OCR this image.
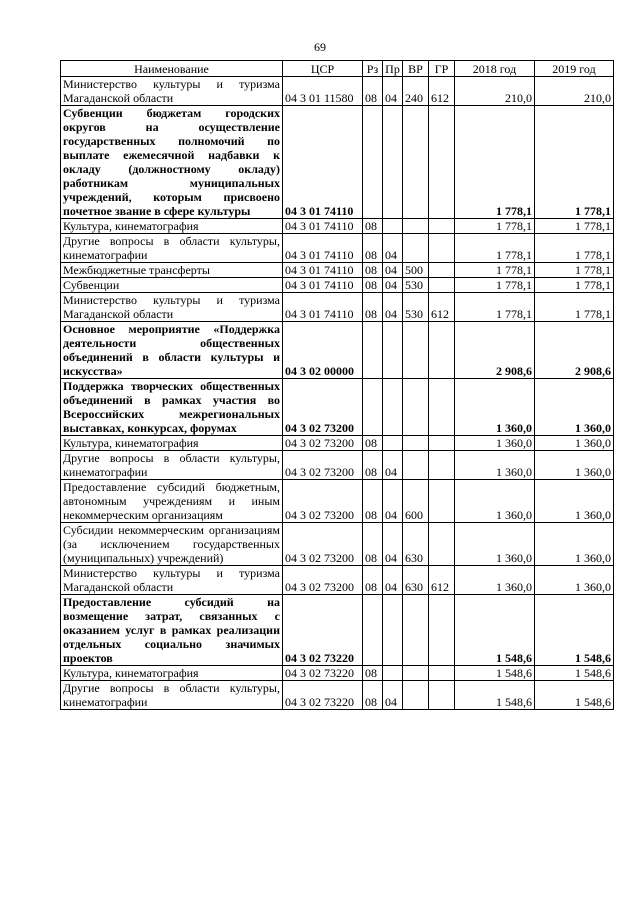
69
Наименование	ЦСР	Рз	Пр	ВР	ГР	2018 год	2019 год

Министерство культуры и туризма Магаданской области	04 3 01 11580	08	04	240	612	210,0	210,0

Субвенции бюджетам городских округов на осуществление государственных полномочий по выплате ежемесячной надбавки к окладу (должностному окладу) работникам муниципальных учреждений, которым присвоено почетное звание в сфере культуры	04 3 01 74110					1 778,1	1 778,1

Культура, кинематография	04 3 01 74110	08				1 778,1	1 778,1

Другие вопросы в области культуры, кинематографии	04 3 01 74110	08	04			1 778,1	1 778,1

Межбюджетные трансферты	04 3 01 74110	08	04	500		1 778,1	1 778,1

Субвенции	04 3 01 74110	08	04	530		1 778,1	1 778,1

Министерство культуры и туризма Магаданской области	04 3 01 74110	08	04	530	612	1 778,1	1 778,1

Основное мероприятие «Поддержка деятельности общественных объединений в области культуры и искусства»	04 3 02 00000					2 908,6	2 908,6

Поддержка творческих общественных объединений в рамках участия во Всероссийских межрегиональных выставках, конкурсах, форумах	04 3 02 73200					1 360,0	1 360,0

Культура, кинематография	04 3 02 73200	08				1 360,0	1 360,0

Другие вопросы в области культуры, кинематографии	04 3 02 73200	08	04			1 360,0	1 360,0

Предоставление субсидий бюджетным, автономным учреждениям и иным некоммерческим организациям	04 3 02 73200	08	04	600		1 360,0	1 360,0

Субсидии некоммерческим организациям (за исключением государственных (муниципальных) учреждений)	04 3 02 73200	08	04	630		1 360,0	1 360,0

Министерство культуры и туризма Магаданской области	04 3 02 73200	08	04	630	612	1 360,0	1 360,0

Предоставление субсидий на возмещение затрат, связанных с оказанием услуг в рамках реализации отдельных социально значимых проектов	04 3 02 73220					1 548,6	1 548,6

Культура, кинематография	04 3 02 73220	08				1 548,6	1 548,6

Другие вопросы в области культуры, кинематографии	04 3 02 73220	08	04			1 548,6	1 548,6
